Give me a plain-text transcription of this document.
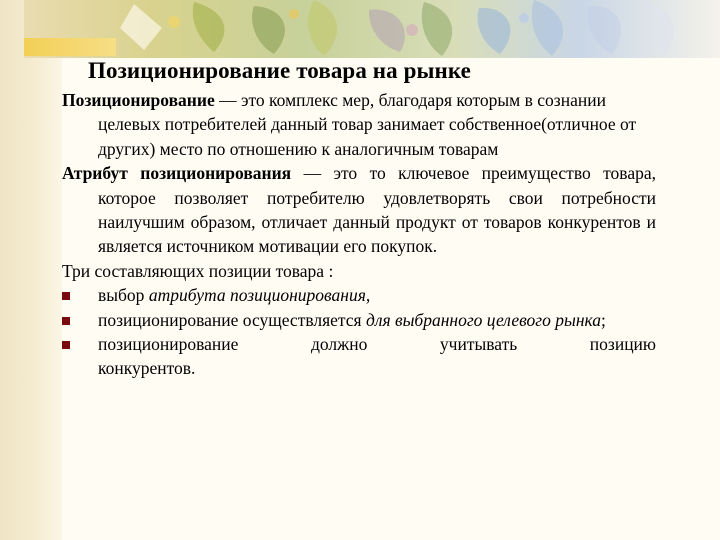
Позиционирование товара на рынке

Позиционирование — это комплекс мер, благодаря которым в сознании целевых потребителей данный товар занимает собственное(отличное от других) место по отношению к аналогичным товарам

Атрибут позиционирования — это то ключевое преимущество товара, которое позволяет потребителю удовлетворять свои потребности наилучшим образом, отличает данный продукт от товаров конкурентов и является источником мотивации его покупок.

Три составляющих позиции товара :

выбор атрибута позиционирования,

позиционирование осуществляется для выбранного целевого рынка;

позиционирование должно учитывать позицию

конкурентов.
